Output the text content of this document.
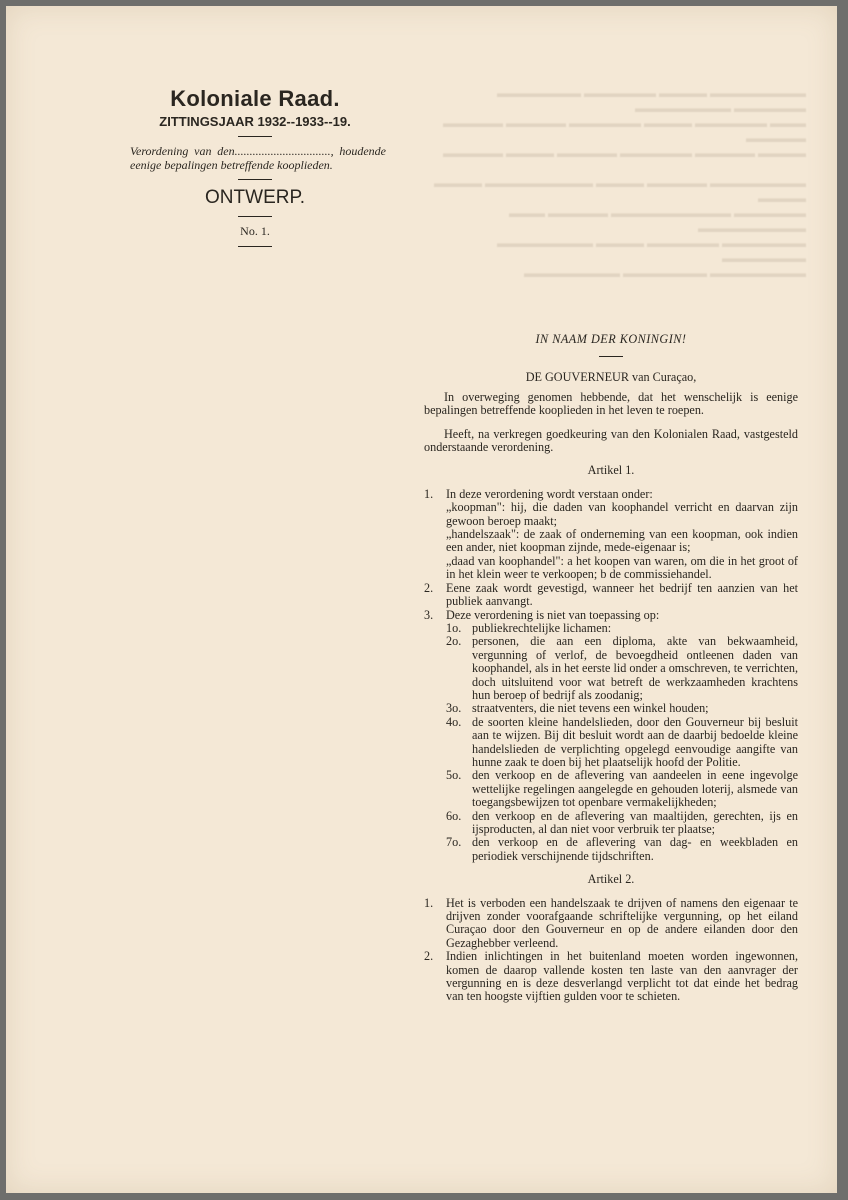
▬▬▬▬▬▬▬▬ ▬▬▬▬ ▬▬▬▬▬▬ ▬▬▬▬▬▬▬ ▬▬▬▬▬▬ ▬▬▬▬▬▬▬▬
▬▬▬ ▬▬▬▬▬▬ ▬▬▬▬ ▬▬▬▬▬▬ ▬▬▬▬▬ ▬▬▬▬▬ ▬▬▬▬▬
▬▬▬▬ ▬▬▬▬▬ ▬▬▬▬▬▬ ▬▬▬▬▬ ▬▬▬▬ ▬▬▬▬▬

▬▬▬▬▬▬▬▬ ▬▬▬▬▬ ▬▬▬▬ ▬▬▬▬▬▬▬▬▬ ▬▬▬▬ ▬▬▬▬
▬▬▬▬▬▬ ▬▬▬▬▬▬▬▬▬▬ ▬▬▬▬▬ ▬▬▬ ▬▬▬▬▬▬▬▬▬
▬▬▬▬▬▬▬ ▬▬▬▬▬▬ ▬▬▬▬ ▬▬▬▬▬▬▬▬ ▬▬▬▬▬▬▬
▬▬▬▬▬▬▬▬ ▬▬▬▬▬▬▬ ▬▬▬▬▬▬▬▬

Koloniale Raad.
ZITTINGSJAAR 1932--1933--19.
Verordening van den................................, houdende eenige bepalingen betreffende kooplieden.
ONTWERP.
No. 1.
IN NAAM DER KONINGIN!
DE GOUVERNEUR van Curaçao,
In overweging genomen hebbende, dat het wenschelijk is eenige bepalingen betreffende kooplieden in het leven te roepen.
Heeft, na verkregen goedkeuring van den Kolonialen Raad, vastgesteld onderstaande verordening.
Artikel 1.
1.	In deze verordening wordt verstaan onder:
„koopman": hij, die daden van koophandel verricht en daarvan zijn gewoon beroep maakt;
„handelszaak": de zaak of onderneming van een koopman, ook indien een ander, niet koopman zijnde, mede-eigenaar is;
„daad van koophandel": a het koopen van waren, om die in het groot of in het klein weer te verkoopen; b de commissiehandel.
2.	Eene zaak wordt gevestigd, wanneer het bedrijf ten aanzien van het publiek aanvangt.
3.	Deze verordening is niet van toepassing op:
1o. publiekrechtelijke lichamen:
2o. personen, die aan een diploma, akte van bekwaamheid, vergunning of verlof, de bevoegdheid ontleenen daden van koophandel, als in het eerste lid onder a omschreven, te verrichten, doch uitsluitend voor wat betreft de werkzaamheden krachtens hun beroep of bedrijf als zoodanig;
3o. straatventers, die niet tevens een winkel houden;
4o. de soorten kleine handelslieden, door den Gouverneur bij besluit aan te wijzen. Bij dit besluit wordt aan de daarbij bedoelde kleine handelslieden de verplichting opgelegd eenvoudige aangifte van hunne zaak te doen bij het plaatselijk hoofd der Politie.
5o. den verkoop en de aflevering van aandeelen in eene ingevolge wettelijke regelingen aangelegde en gehouden loterij, alsmede van toegangsbewijzen tot openbare vermakelijkheden;
6o. den verkoop en de aflevering van maaltijden, gerechten, ijs en ijsproducten, al dan niet voor verbruik ter plaatse;
7o. den verkoop en de aflevering van dag- en weekbladen en periodiek verschijnende tijdschriften.
Artikel 2.
1.	Het is verboden een handelszaak te drijven of namens den eigenaar te drijven zonder voorafgaande schriftelijke vergunning, op het eiland Curaçao door den Gouverneur en op de andere eilanden door den Gezaghebber verleend.
2.	Indien inlichtingen in het buitenland moeten worden ingewonnen, komen de daarop vallende kosten ten laste van den aanvrager der vergunning en is deze desverlangd verplicht tot dat einde het bedrag van ten hoogste vijftien gulden voor te schieten.
